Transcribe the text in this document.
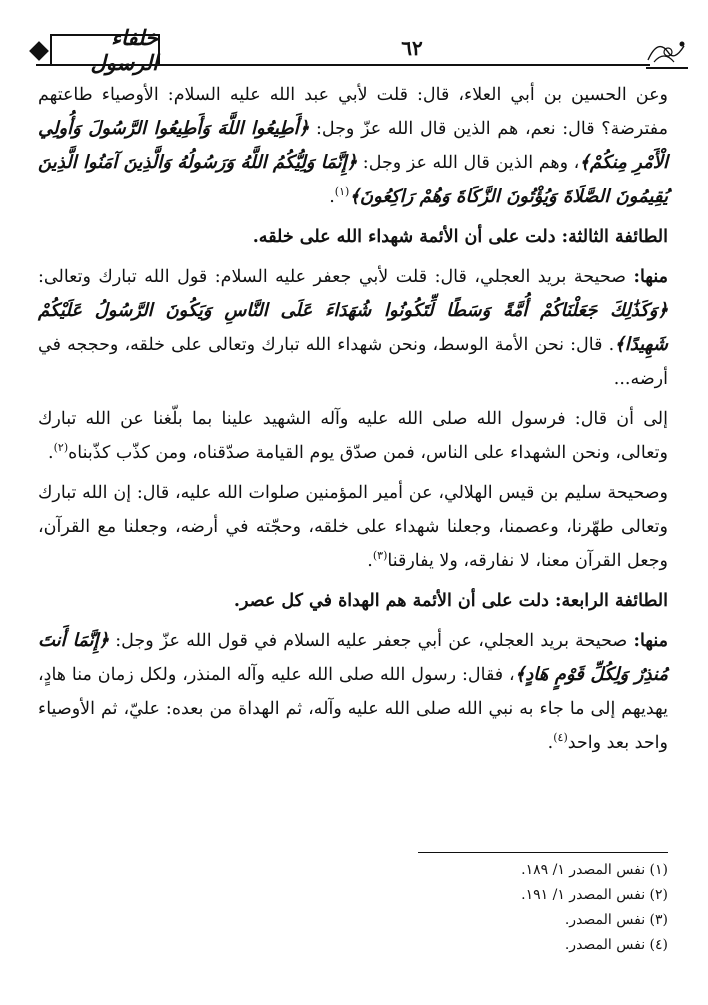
خلفاء الرسول
٦٢

وعن الحسين بن أبي العلاء، قال: قلت لأبي عبد الله عليه السلام: الأوصياء طاعتهم مفترضة؟ قال: نعم، هم الذين قال الله عزّ وجل: ﴿أَطِيعُوا اللَّهَ وَأَطِيعُوا الرَّسُولَ وَأُولِي الْأَمْرِ مِنكُمْ﴾، وهم الذين قال الله عز وجل: ﴿إِنَّمَا وَلِيُّكُمُ اللَّهُ وَرَسُولُهُ وَالَّذِينَ آمَنُوا الَّذِينَ يُقِيمُونَ الصَّلَاةَ وَيُؤْتُونَ الزَّكَاةَ وَهُمْ رَاكِعُونَ﴾$^{(١)}$.

الطائفة الثالثة: دلت على أن الأئمة شهداء الله على خلقه.

منها: صحيحة بريد العجلي، قال: قلت لأبي جعفر عليه السلام: قول الله تبارك وتعالى: ﴿وَكَذَٰلِكَ جَعَلْنَاكُمْ أُمَّةً وَسَطًا لِّتَكُونُوا شُهَدَاءَ عَلَى النَّاسِ وَيَكُونَ الرَّسُولُ عَلَيْكُمْ شَهِيدًا﴾. قال: نحن الأمة الوسط، ونحن شهداء الله تبارك وتعالى على خلقه، وحججه في أرضه...

إلى أن قال: فرسول الله صلى الله عليه وآله الشهيد علينا بما بلّغنا عن الله تبارك وتعالى، ونحن الشهداء على الناس، فمن صدّق يوم القيامة صدّقناه، ومن كذّب كذّبناه$^{(٢)}$.

وصحيحة سليم بن قيس الهلالي، عن أمير المؤمنين صلوات الله عليه، قال: إن الله تبارك وتعالى طهّرنا، وعصمنا، وجعلنا شهداء على خلقه، وحجّته في أرضه، وجعلنا مع القرآن، وجعل القرآن معنا، لا نفارقه، ولا يفارقنا$^{(٣)}$.

الطائفة الرابعة: دلت على أن الأئمة هم الهداة في كل عصر.

منها: صحيحة بريد العجلي، عن أبي جعفر عليه السلام في قول الله عزّ وجل: ﴿إِنَّمَا أَنتَ مُنذِرٌ وَلِكُلِّ قَوْمٍ هَادٍ﴾، فقال: رسول الله صلى الله عليه وآله المنذر، ولكل زمان منا هادٍ، يهديهم إلى ما جاء به نبي الله صلى الله عليه وآله، ثم الهداة من بعده: عليّ، ثم الأوصياء واحد بعد واحد$^{(٤)}$.

(١) نفس المصدر ١/ ١٨٩.

(٢) نفس المصدر ١/ ١٩١.

(٣) نفس المصدر.

(٤) نفس المصدر.
